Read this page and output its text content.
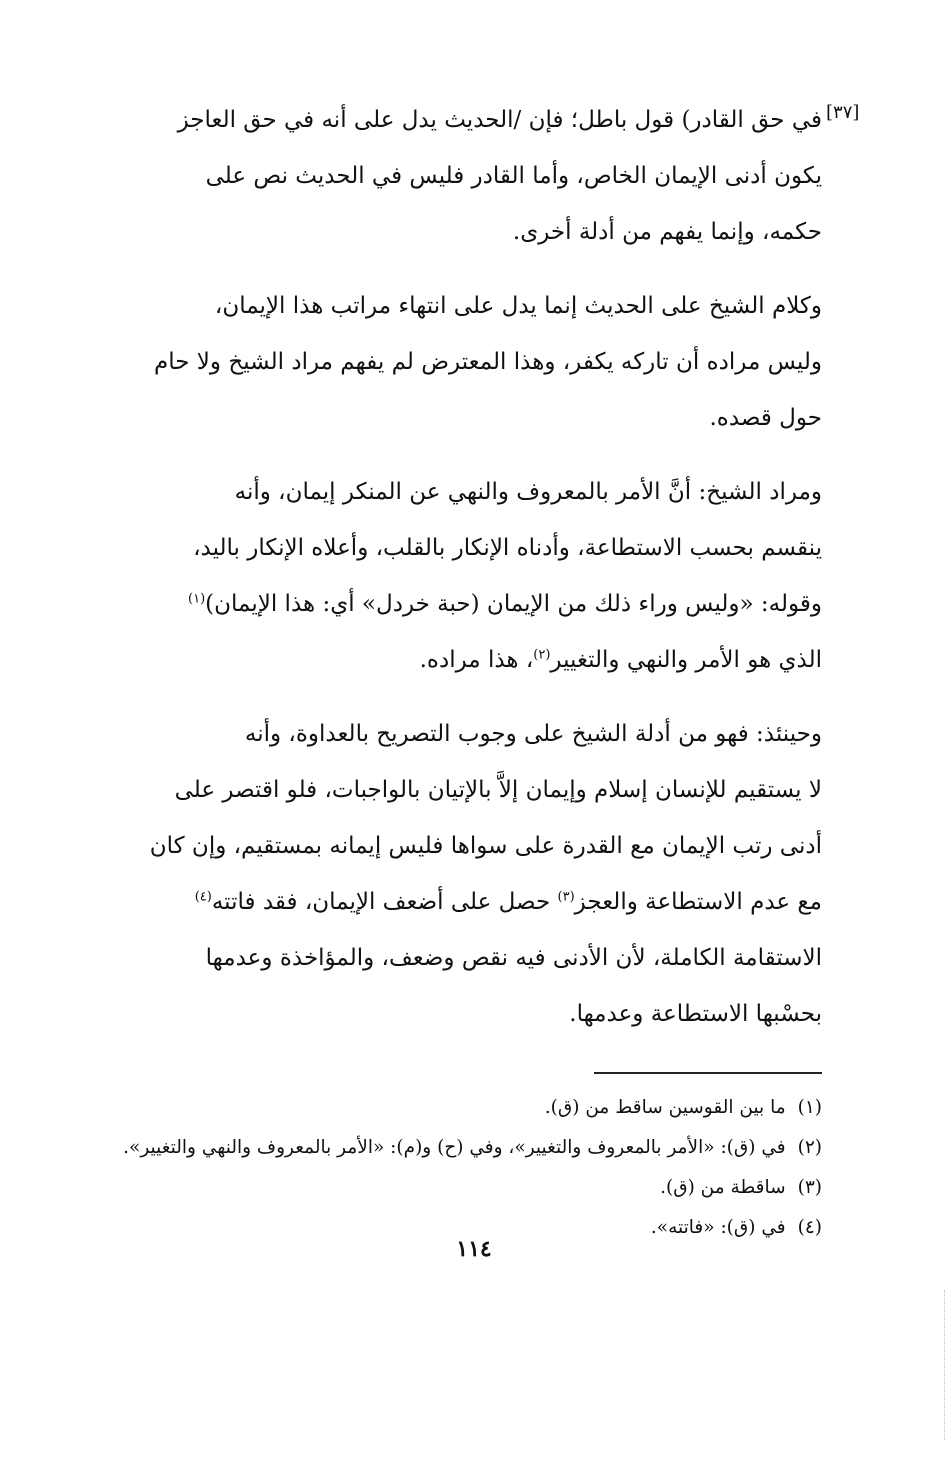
[٣٧]

في حق القادر) قول باطل؛ فإن /الحديث يدل على أنه في حق العاجز
يكون أدنى الإيمان الخاص، وأما القادر فليس في الحديث نص على
حكمه، وإنما يفهم من أدلة أخرى.

وكلام الشيخ على الحديث إنما يدل على انتهاء مراتب هذا الإيمان،
وليس مراده أن تاركه يكفر، وهذا المعترض لم يفهم مراد الشيخ ولا حام
حول قصده.

ومراد الشيخ: أنَّ الأمر بالمعروف والنهي عن المنكر إيمان، وأنه
ينقسم بحسب الاستطاعة، وأدناه الإنكار بالقلب، وأعلاه الإنكار باليد،
وقوله: «وليس وراء ذلك من الإيمان (حبة خردل» أي: هذا الإيمان)$^{(١)}$
الذي هو الأمر والنهي والتغيير$^{(٢)}$، هذا مراده.

وحينئذ: فهو من أدلة الشيخ على وجوب التصريح بالعداوة، وأنه
لا يستقيم للإنسان إسلام وإيمان إلاَّ بالإتيان بالواجبات، فلو اقتصر على
أدنى رتب الإيمان مع القدرة على سواها فليس إيمانه بمستقيم، وإن كان
مع عدم الاستطاعة والعجز$^{(٣)}$ حصل على أضعف الإيمان، فقد فاتته$^{(٤)}$
الاستقامة الكاملة، لأن الأدنى فيه نقص وضعف، والمؤاخذة وعدمها
بحسْبها الاستطاعة وعدمها.

(١)ما بين القوسين ساقط من (ق).

(٢)في (ق): «الأمر بالمعروف والتغيير»، وفي (ح) و(م): «الأمر بالمعروف والنهي والتغيير».

(٣)ساقطة من (ق).

(٤)في (ق): «فاتته».

١١٤
